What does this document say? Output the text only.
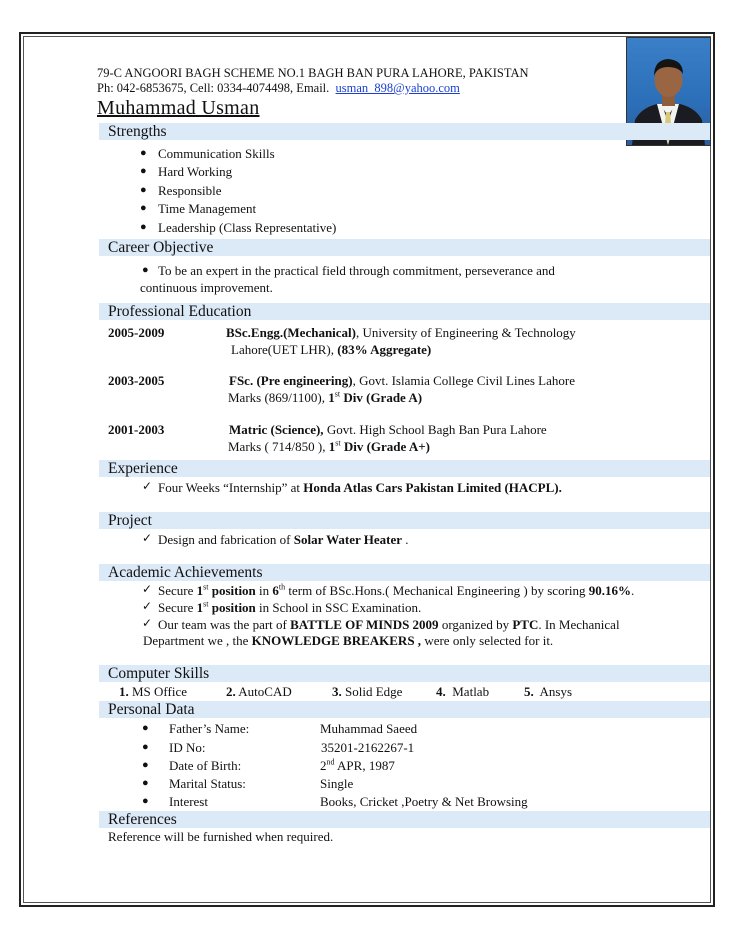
79-C ANGOORI BAGH SCHEME NO.1 BAGH BAN PURA LAHORE, PAKISTAN
Ph: 042-6853675, Cell: 0334-4074498, Email. usman_898@yahoo.com
Muhammad Usman
Strengths
● Communication Skills
● Hard Working
● Responsible
● Time Management
● Leadership (Class Representative)
Career Objective
● To be an expert in the practical field through commitment, perseverance and
continuous improvement.
Professional Education
2005-2009	BSc.Engg.(Mechanical), University of Engineering & Technology
Lahore(UET LHR), (83% Aggregate)
2003-2005	FSc. (Pre engineering), Govt. Islamia College Civil Lines Lahore
Marks (869/1100), 1st Div (Grade A)
2001-2003	Matric (Science), Govt. High School Bagh Ban Pura Lahore
Marks ( 714/850 ), 1st Div (Grade A+)
Experience
✓ Four Weeks “Internship” at Honda Atlas Cars Pakistan Limited (HACPL).
Project
✓ Design and fabrication of Solar Water Heater .
Academic Achievements
✓ Secure 1st position in 6th term of BSc.Hons.( Mechanical Engineering ) by scoring 90.16%.
✓ Secure 1st position in School in SSC Examination.
✓ Our team was the part of BATTLE OF MINDS 2009 organized by PTC. In Mechanical
Department we , the KNOWLEDGE BREAKERS , were only selected for it.
Computer Skills
1. MS Office	2. AutoCAD	3. Solid Edge	4. Matlab	5. Ansys
Personal Data
● Father’s Name:	Muhammad Saeed
● ID No:	35201-2162267-1
● Date of Birth:	2nd APR, 1987
● Marital Status:	Single
● Interest	Books, Cricket ,Poetry & Net Browsing
References
Reference will be furnished when required.
